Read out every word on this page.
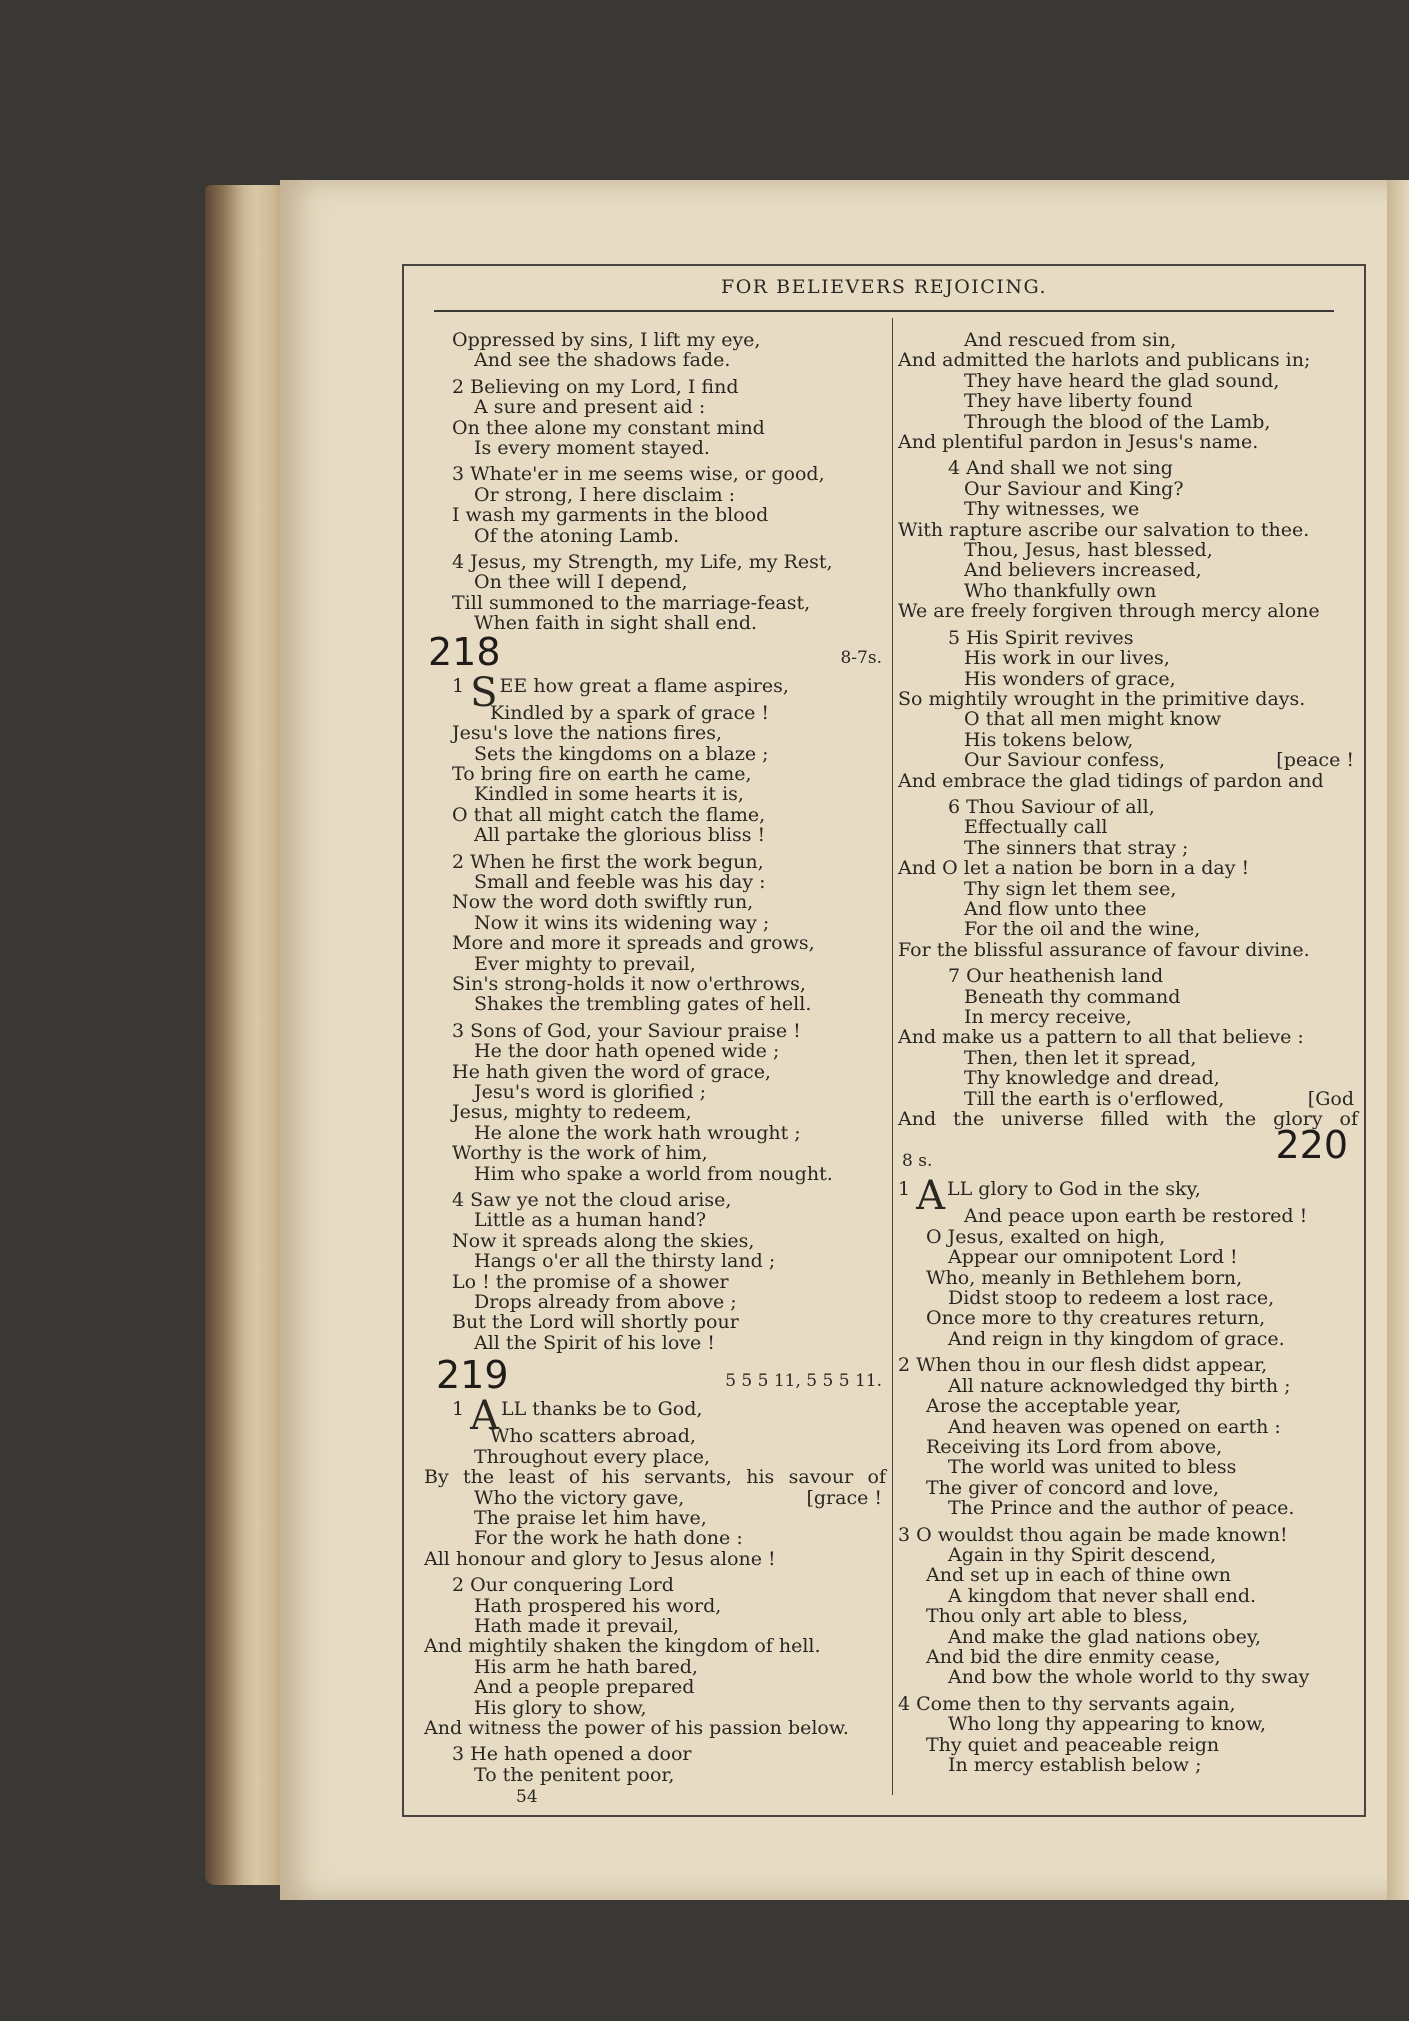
FOR BELIEVERS REJOICING.
Oppressed by sins, I lift my eye,
And see the shadows fade.
2 Believing on my Lord, I find
A sure and present aid :
On thee alone my constant mind
Is every moment stayed.
3 Whate'er in me seems wise, or good,
Or strong, I here disclaim :
I wash my garments in the blood
Of the atoning Lamb.
4 Jesus, my Strength, my Life, my Rest,
On thee will I depend,
Till summoned to the marriage-feast,
When faith in sight shall end.
218	8-7s.
1 S EE how great a flame aspires,
Kindled by a spark of grace !
Jesu's love the nations fires,
Sets the kingdoms on a blaze ;
To bring fire on earth he came,
Kindled in some hearts it is,
O that all might catch the flame,
All partake the glorious bliss !
2 When he first the work begun,
Small and feeble was his day :
Now the word doth swiftly run,
Now it wins its widening way ;
More and more it spreads and grows,
Ever mighty to prevail,
Sin's strong-holds it now o'erthrows,
Shakes the trembling gates of hell.
3 Sons of God, your Saviour praise !
He the door hath opened wide ;
He hath given the word of grace,
Jesu's word is glorified ;
Jesus, mighty to redeem,
He alone the work hath wrought ;
Worthy is the work of him,
Him who spake a world from nought.
4 Saw ye not the cloud arise,
Little as a human hand?
Now it spreads along the skies,
Hangs o'er all the thirsty land ;
Lo ! the promise of a shower
Drops already from above ;
But the Lord will shortly pour
All the Spirit of his love !
219	5 5 5 11, 5 5 5 11.
1 A LL thanks be to God,
Who scatters abroad,
Throughout every place,
By the least of his servants, his savour of
Who the victory gave,	[grace !
The praise let him have,
For the work he hath done :
All honour and glory to Jesus alone !
2 Our conquering Lord
Hath prospered his word,
Hath made it prevail,
And mightily shaken the kingdom of hell.
His arm he hath bared,
And a people prepared
His glory to show,
And witness the power of his passion below.
3 He hath opened a door
To the penitent poor,
54
And rescued from sin,
And admitted the harlots and publicans in;
They have heard the glad sound,
They have liberty found
Through the blood of the Lamb,
And plentiful pardon in Jesus's name.
4 And shall we not sing
Our Saviour and King?
Thy witnesses, we
With rapture ascribe our salvation to thee.
Thou, Jesus, hast blessed,
And believers increased,
Who thankfully own
We are freely forgiven through mercy alone
5 His Spirit revives
His work in our lives,
His wonders of grace,
So mightily wrought in the primitive days.
O that all men might know
His tokens below,
Our Saviour confess,	[peace !
And embrace the glad tidings of pardon and
6 Thou Saviour of all,
Effectually call
The sinners that stray ;
And O let a nation be born in a day !
Thy sign let them see,
And flow unto thee
For the oil and the wine,
For the blissful assurance of favour divine.
7 Our heathenish land
Beneath thy command
In mercy receive,
And make us a pattern to all that believe :
Then, then let it spread,
Thy knowledge and dread,
Till the earth is o'erflowed,	[God
And the universe filled with the glory of
220
8 s.
1 A LL glory to God in the sky,
And peace upon earth be restored !
O Jesus, exalted on high,
Appear our omnipotent Lord !
Who, meanly in Bethlehem born,
Didst stoop to redeem a lost race,
Once more to thy creatures return,
And reign in thy kingdom of grace.
2 When thou in our flesh didst appear,
All nature acknowledged thy birth ;
Arose the acceptable year,
And heaven was opened on earth :
Receiving its Lord from above,
The world was united to bless
The giver of concord and love,
The Prince and the author of peace.
3 O wouldst thou again be made known!
Again in thy Spirit descend,
And set up in each of thine own
A kingdom that never shall end.
Thou only art able to bless,
And make the glad nations obey,
And bid the dire enmity cease,
And bow the whole world to thy sway
4 Come then to thy servants again,
Who long thy appearing to know,
Thy quiet and peaceable reign
In mercy establish below ;
